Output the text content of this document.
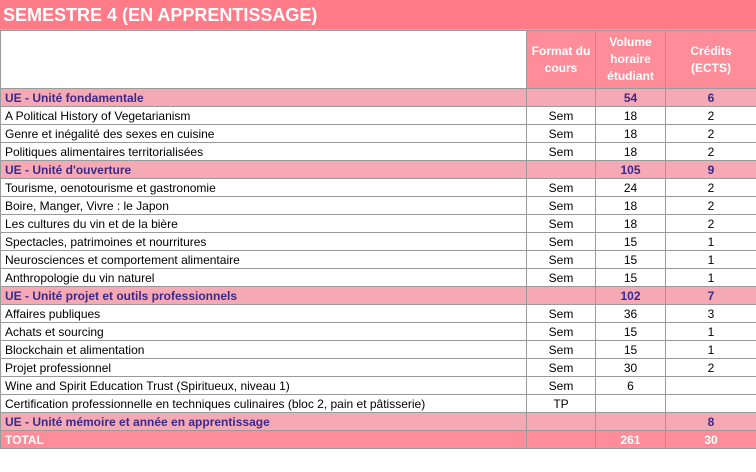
SEMESTRE 4 (EN APPRENTISSAGE)
	Format du cours	Volume horaire étudiant	Crédits (ECTS)
UE - Unité fondamentale		54	6
A Political History of Vegetarianism	Sem	18	2
Genre et inégalité des sexes en cuisine	Sem	18	2
Politiques alimentaires territorialisées	Sem	18	2
UE - Unité d'ouverture		105	9
Tourisme, oenotourisme et gastronomie	Sem	24	2
Boire, Manger, Vivre : le Japon	Sem	18	2
Les cultures du vin et de la bière	Sem	18	2
Spectacles, patrimoines et nourritures	Sem	15	1
Neurosciences et comportement alimentaire	Sem	15	1
Anthropologie du vin naturel	Sem	15	1
UE - Unité projet et outils professionnels		102	7
Affaires publiques	Sem	36	3
Achats et sourcing	Sem	15	1
Blockchain et alimentation	Sem	15	1
Projet professionnel	Sem	30	2
Wine and Spirit Education Trust (Spiritueux, niveau 1)	Sem	6	
Certification professionnelle en techniques culinaires (bloc 2, pain et pâtisserie)	TP		
UE - Unité mémoire et année en apprentissage			8
TOTAL		261	30
